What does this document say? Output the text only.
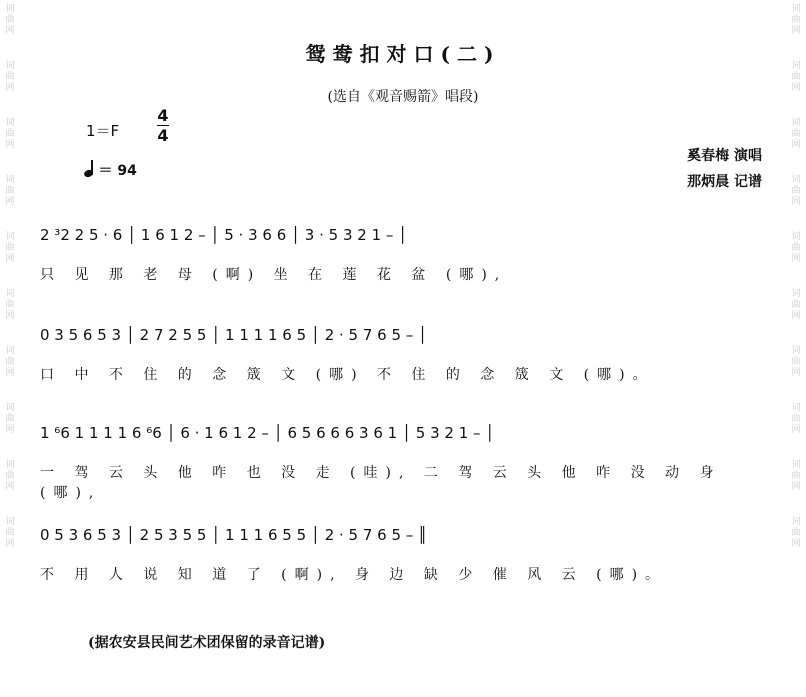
词
曲
网
词
曲
网
词
曲
网
词
曲
网
词
曲
网
词
曲
网
词
曲
网
词
曲
网
词
曲
网
词
曲
网
词
曲
网
词
曲
网
词
曲
网
词
曲
网
词
曲
网
词
曲
网
词
曲
网
词
曲
网
词
曲
网
词
曲
网
鸳鸯扣对口(二)
(选自《观音赐箭》唱段)
1＝F
4
4
＝ 94
奚春梅 演唱
那炳晨 记谱
2 ³2 2 5 · 6 │ 1 6 1 2 – │ 5 · 3 6 6 │ 3 · 5 3 2 1 – │
只 见 那 老 母 (啊) 坐 在 莲 花 盆 (哪),
0 3 5 6 5 3 │ 2 7 2 5 5 │ 1 1 1 1 6 5 │ 2 · 5 7 6 5 – │
口 中 不 住 的 念 筬 文 (哪) 不 住 的 念 筬 文 (哪)。
1 ⁶6 1 1 1 1 6 ⁶6 │ 6 · 1 6 1 2 – │ 6 5 6 6 6 3 6 1 │ 5 3 2 1 – │
一 驾 云 头 他 咋 也 没 走 (哇), 二 驾 云 头 他 咋 没 动 身 (哪),
0 5 3 6 5 3 │ 2 5 3 5 5 │ 1 1 1 6 5 5 │ 2 · 5 7 6 5 – ║
不 用 人 说 知 道 了 (啊), 身 边 缺 少 催 风 云 (哪)。
(据农安县民间艺术团保留的录音记谱)
